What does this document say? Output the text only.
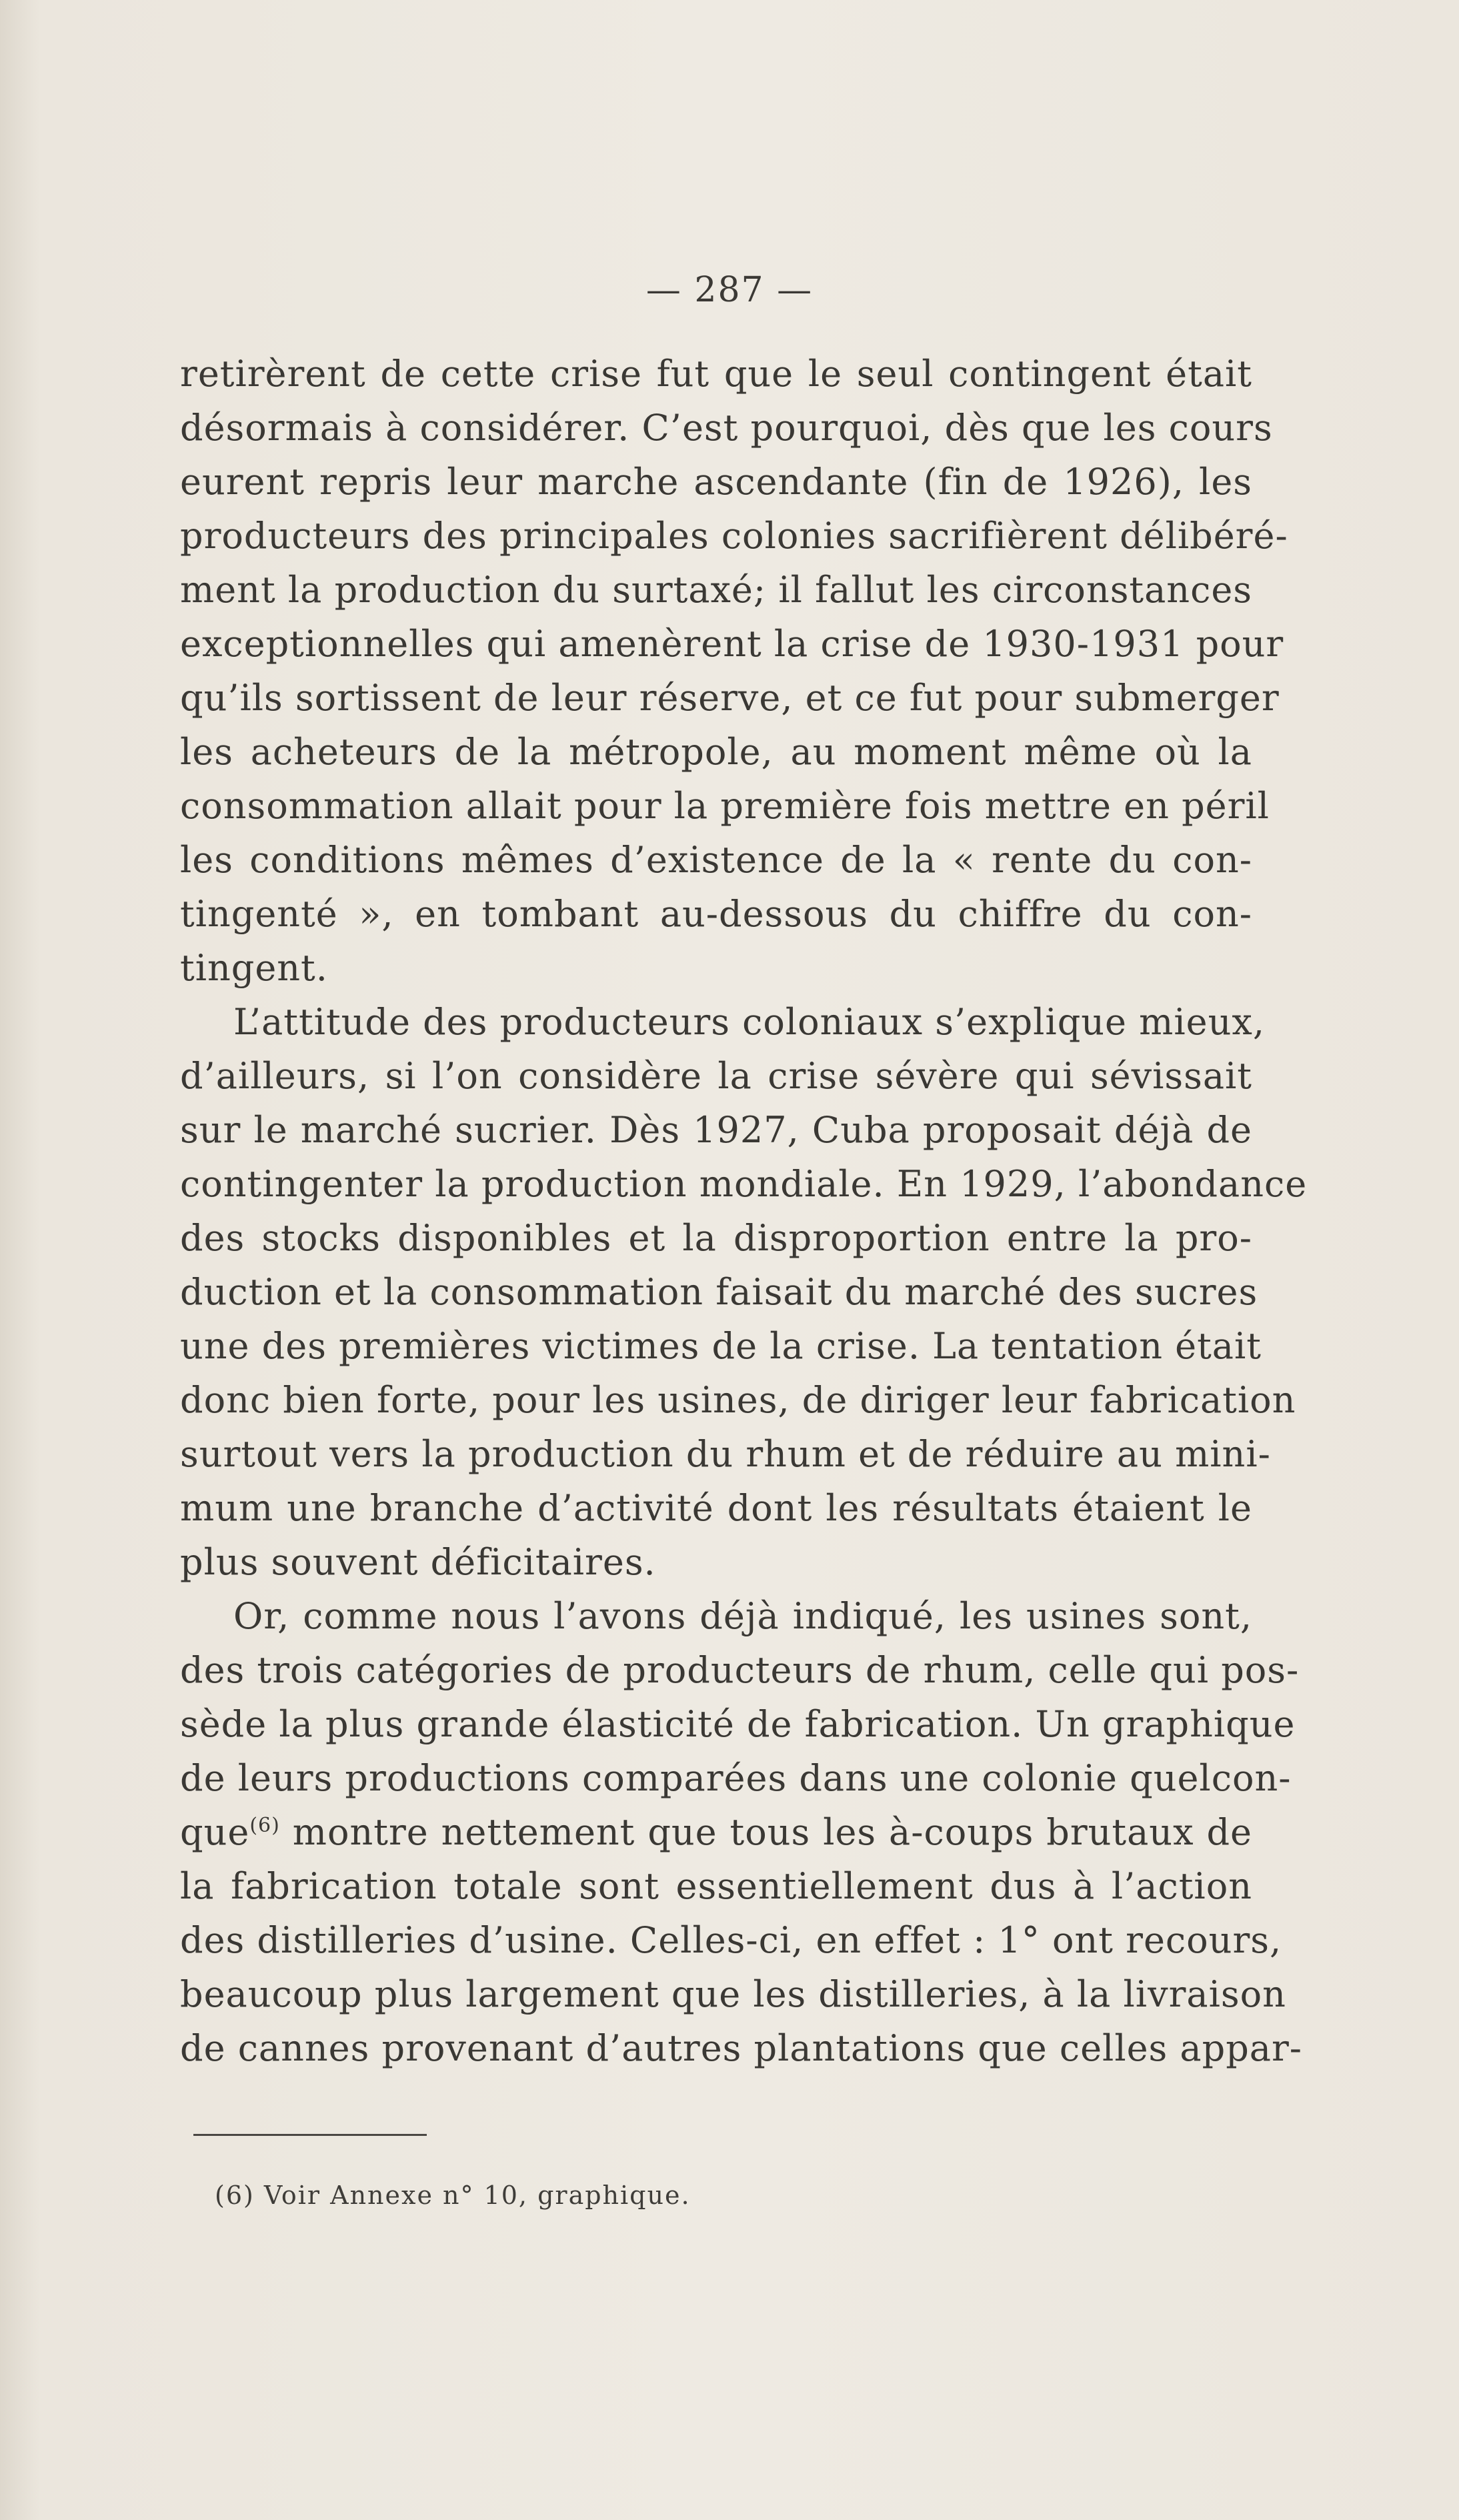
— 287 —
retirèrent de cette crise fut que le seul contingent était
désormais à considérer. C’est pourquoi, dès que les cours
eurent repris leur marche ascendante (fin de 1926), les
producteurs des principales colonies sacrifièrent délibéré-
ment la production du surtaxé; il fallut les circonstances
exceptionnelles qui amenèrent la crise de 1930-1931 pour
qu’ils sortissent de leur réserve, et ce fut pour submerger
les acheteurs de la métropole, au moment même où la
consommation allait pour la première fois mettre en péril
les conditions mêmes d’existence de la « rente du con-
tingenté », en tombant au-dessous du chiffre du con-
tingent.
L’attitude des producteurs coloniaux s’explique mieux,
d’ailleurs, si l’on considère la crise sévère qui sévissait
sur le marché sucrier. Dès 1927, Cuba proposait déjà de
contingenter la production mondiale. En 1929, l’abondance
des stocks disponibles et la disproportion entre la pro-
duction et la consommation faisait du marché des sucres
une des premières victimes de la crise. La tentation était
donc bien forte, pour les usines, de diriger leur fabrication
surtout vers la production du rhum et de réduire au mini-
mum une branche d’activité dont les résultats étaient le
plus souvent déficitaires.
Or, comme nous l’avons déjà indiqué, les usines sont,
des trois catégories de producteurs de rhum, celle qui pos-
sède la plus grande élasticité de fabrication. Un graphique
de leurs productions comparées dans une colonie quelcon-
que$^{(6)}$ montre nettement que tous les à-coups brutaux de
la fabrication totale sont essentiellement dus à l’action
des distilleries d’usine. Celles-ci, en effet : 1° ont recours,
beaucoup plus largement que les distilleries, à la livraison
de cannes provenant d’autres plantations que celles appar-
(6) Voir Annexe n° 10, graphique.
